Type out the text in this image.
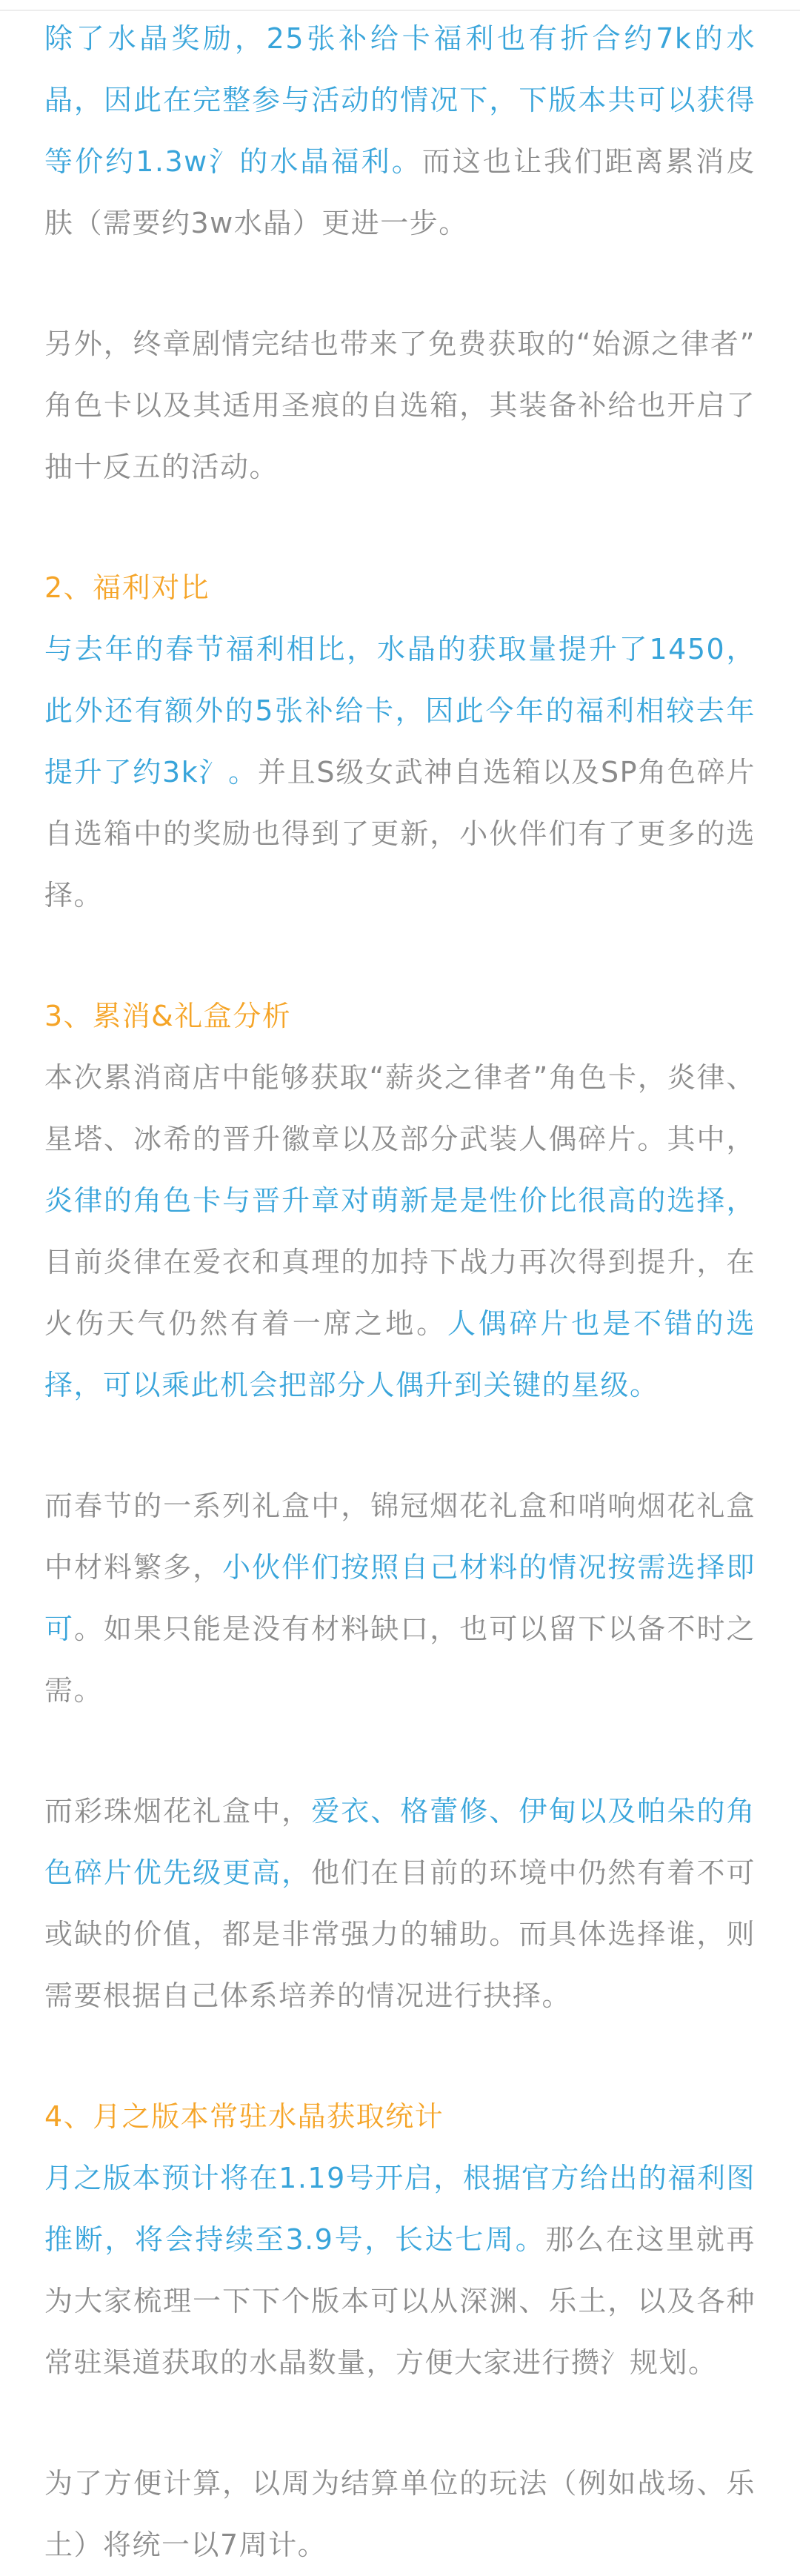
除了水晶奖励，25张补给卡福利也有折合约7k的水晶，因此在完整参与活动的情况下，下版本共可以获得等价约1.3w氵的水晶福利。而这也让我们距离累消皮肤（需要约3w水晶）更进一步。

另外，终章剧情完结也带来了免费获取的“始源之律者”角色卡以及其适用圣痕的自选箱，其装备补给也开启了抽十反五的活动。

2、福利对比

与去年的春节福利相比，水晶的获取量提升了1450，此外还有额外的5张补给卡，因此今年的福利相较去年提升了约3k氵。并且S级女武神自选箱以及SP角色碎片自选箱中的奖励也得到了更新，小伙伴们有了更多的选择。

3、累消&礼盒分析

本次累消商店中能够获取“薪炎之律者”角色卡，炎律、星塔、冰希的晋升徽章以及部分武装人偶碎片。其中，炎律的角色卡与晋升章对萌新是是性价比很高的选择，目前炎律在爱衣和真理的加持下战力再次得到提升，在火伤天气仍然有着一席之地。人偶碎片也是不错的选择，可以乘此机会把部分人偶升到关键的星级。

而春节的一系列礼盒中，锦冠烟花礼盒和哨响烟花礼盒中材料繁多，小伙伴们按照自己材料的情况按需选择即可。如果只能是没有材料缺口，也可以留下以备不时之需。

而彩珠烟花礼盒中，爱衣、格蕾修、伊甸以及帕朵的角色碎片优先级更高，他们在目前的环境中仍然有着不可或缺的价值，都是非常强力的辅助。而具体选择谁，则需要根据自己体系培养的情况进行抉择。

4、月之版本常驻水晶获取统计

月之版本预计将在1.19号开启，根据官方给出的福利图推断，将会持续至3.9号，长达七周。那么在这里就再为大家梳理一下下个版本可以从深渊、乐土，以及各种常驻渠道获取的水晶数量，方便大家进行攒氵规划。

为了方便计算，以周为结算单位的玩法（例如战场、乐土）将统一以7周计。
